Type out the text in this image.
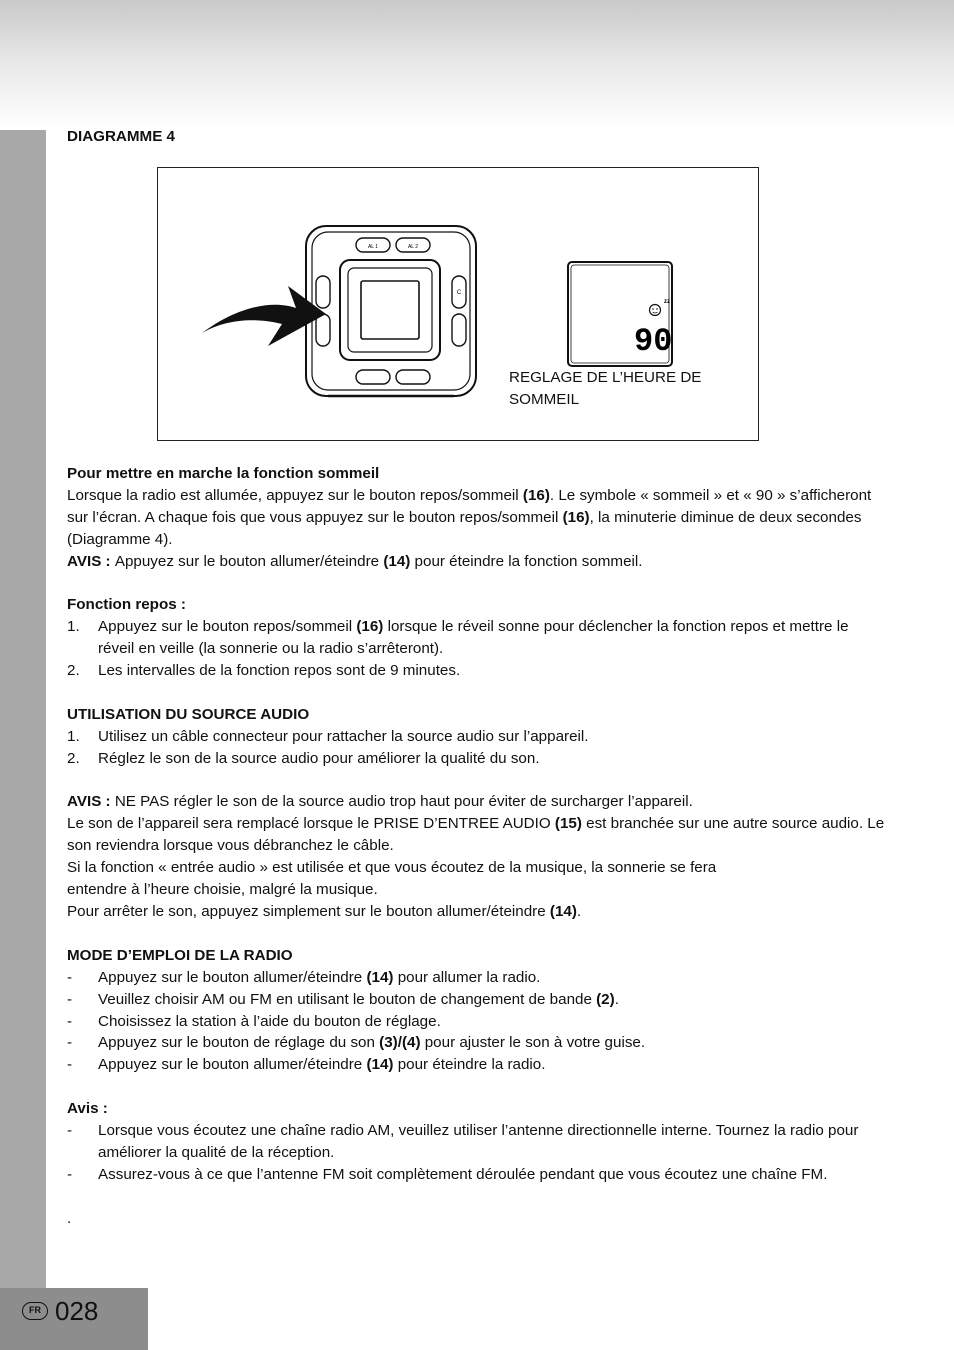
AL 1	AL 2
C
zz
90
REGLAGE DE L’HEURE DE SOMMEIL

DIAGRAMME 4

Pour mettre en marche la fonction sommeil

Lorsque la radio est allumée, appuyez sur le bouton repos/sommeil (16). Le symbole « sommeil » et « 90 » s’afficheront sur l’écran. A chaque fois que vous appuyez sur le bouton repos/sommeil (16), la minuterie diminue de deux secondes (Diagramme 4).

AVIS : Appuyez sur le bouton allumer/éteindre (14) pour éteindre la fonction sommeil.

Fonction repos :

1. Appuyez sur le bouton repos/sommeil (16) lorsque le réveil sonne pour déclencher la fonction repos et mettre le réveil en veille (la sonnerie ou la radio s’arrêteront).
2. Les intervalles de la fonction repos sont de 9 minutes.

UTILISATION DU SOURCE AUDIO

1. Utilisez un câble connecteur pour rattacher la source audio sur l’appareil.
2. Réglez le son de la source audio pour améliorer la qualité du son.

AVIS : NE PAS régler le son de la source audio trop haut pour éviter de surcharger l’appareil.

Le son de l’appareil sera remplacé lorsque le PRISE D’ENTREE AUDIO (15) est branchée sur une autre source audio. Le son reviendra lorsque vous débranchez le câble.

Si la fonction « entrée audio » est utilisée et que vous écoutez de la musique, la sonnerie se fera

entendre à l’heure choisie, malgré la musique.

Pour arrêter le son, appuyez simplement sur le bouton allumer/éteindre (14).

MODE D’EMPLOI DE LA RADIO

- Appuyez sur le bouton allumer/éteindre (14) pour allumer la radio.
- Veuillez choisir AM ou FM en utilisant le bouton de changement de bande (2).
- Choisissez la station à l’aide du bouton de réglage.
- Appuyez sur le bouton de réglage du son (3)/(4) pour ajuster le son à votre guise.
- Appuyez sur le bouton allumer/éteindre (14) pour éteindre la radio.

Avis :

- Lorsque vous écoutez une chaîne radio AM, veuillez utiliser l’antenne directionnelle interne. Tournez la radio pour améliorer la qualité de la réception.
- Assurez-vous à ce que l’antenne FM soit complètement déroulée pendant que vous écoutez une chaîne FM.

.

FR 028
